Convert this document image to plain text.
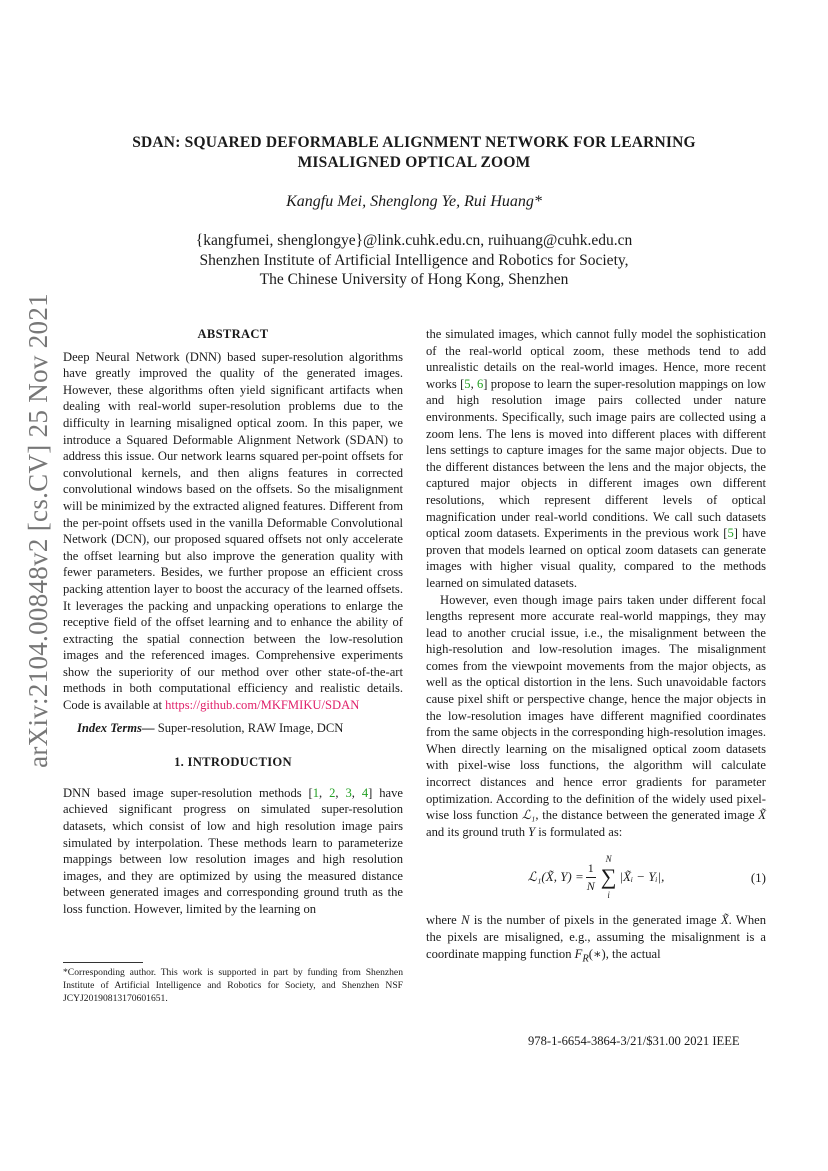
arXiv:2104.00848v2 [cs.CV] 25 Nov 2021
SDAN: SQUARED DEFORMABLE ALIGNMENT NETWORK FOR LEARNING
MISALIGNED OPTICAL ZOOM
Kangfu Mei, Shenglong Ye, Rui Huang*
{kangfumei, shenglongye}@link.cuhk.edu.cn, ruihuang@cuhk.edu.cn
Shenzhen Institute of Artificial Intelligence and Robotics for Society,
The Chinese University of Hong Kong, Shenzhen
ABSTRACT

Deep Neural Network (DNN) based super-resolution algorithms have greatly improved the quality of the generated images. However, these algorithms often yield significant artifacts when dealing with real-world super-resolution problems due to the difficulty in learning misaligned optical zoom. In this paper, we introduce a Squared Deformable Alignment Network (SDAN) to address this issue. Our network learns squared per-point offsets for convolutional kernels, and then aligns features in corrected convolutional windows based on the offsets. So the misalignment will be minimized by the extracted aligned features. Different from the per-point offsets used in the vanilla Deformable Convolutional Network (DCN), our proposed squared offsets not only accelerate the offset learning but also improve the generation quality with fewer parameters. Besides, we further propose an efficient cross packing attention layer to boost the accuracy of the learned offsets. It leverages the packing and unpacking operations to enlarge the receptive field of the offset learning and to enhance the ability of extracting the spatial connection between the low-resolution images and the referenced images. Comprehensive experiments show the superiority of our method over other state-of-the-art methods in both computational efficiency and realistic details. Code is available at https://github.com/MKFMIKU/SDAN

Index Terms— Super-resolution, RAW Image, DCN

1. INTRODUCTION

DNN based image super-resolution methods [1, 2, 3, 4] have achieved significant progress on simulated super-resolution datasets, which consist of low and high resolution image pairs simulated by interpolation. These methods learn to parameterize mappings between low resolution images and high resolution images, and they are optimized by using the measured distance between generated images and corresponding ground truth as the loss function. However, limited by the learning on

the simulated images, which cannot fully model the sophistication of the real-world optical zoom, these methods tend to add unrealistic details on the real-world images. Hence, more recent works [5, 6] propose to learn the super-resolution mappings on low and high resolution image pairs collected under nature environments. Specifically, such image pairs are collected using a zoom lens. The lens is moved into different places with different lens settings to capture images for the same major objects. Due to the different distances between the lens and the major objects, the captured major objects in different images own different resolutions, which represent different levels of optical magnification under real-world conditions. We call such datasets optical zoom datasets. Experiments in the previous work [5] have proven that models learned on optical zoom datasets can generate images with higher visual quality, compared to the methods learned on simulated datasets.

However, even though image pairs taken under different focal lengths represent more accurate real-world mappings, they may lead to another crucial issue, i.e., the misalignment between the high-resolution and low-resolution images. The misalignment comes from the viewpoint movements from the major objects, as well as the optical distortion in the lens. Such unavoidable factors cause pixel shift or perspective change, hence the major objects in the low-resolution images have different magnified coordinates from the same objects in the corresponding high-resolution images. When directly learning on the misaligned optical zoom datasets with pixel-wise loss functions, the algorithm will calculate incorrect distances and hence error gradients for parameter optimization. According to the definition of the widely used pixel-wise loss function ℒ₁, the distance between the generated image X̃ and its ground truth Y is formulated as:

ℒ₁(X̃, $Y) = \frac{1}{N}$
N
∑
i
|X̃ᵢ − Yᵢ|,	(1)

where N is the number of pixels in the generated image X̃. When the pixels are misaligned, e.g., assuming the misalignment is a coordinate mapping function $F_R(∗)$, the actual

*Corresponding author. This work is supported in part by funding from Shenzhen Institute of Artificial Intelligence and Robotics for Society, and Shenzhen NSF JCYJ20190813170601651.
978-1-6654-3864-3/21/$31.00 2021 IEEE
